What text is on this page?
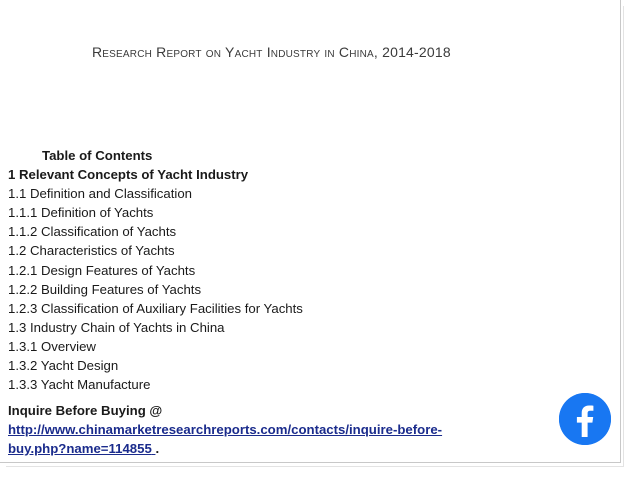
Research Report on Yacht Industry in China, 2014-2018
Table of Contents
1 Relevant Concepts of Yacht Industry
1.1 Definition and Classification
1.1.1 Definition of Yachts
1.1.2 Classification of Yachts
1.2 Characteristics of Yachts
1.2.1 Design Features of Yachts
1.2.2 Building Features of Yachts
1.2.3 Classification of Auxiliary Facilities for Yachts
1.3 Industry Chain of Yachts in China
1.3.1 Overview
1.3.2 Yacht Design
1.3.3 Yacht Manufacture
Inquire Before Buying @
http://www.chinamarketresearchreports.com/contacts/inquire-before-
buy.php?name=114855 .
